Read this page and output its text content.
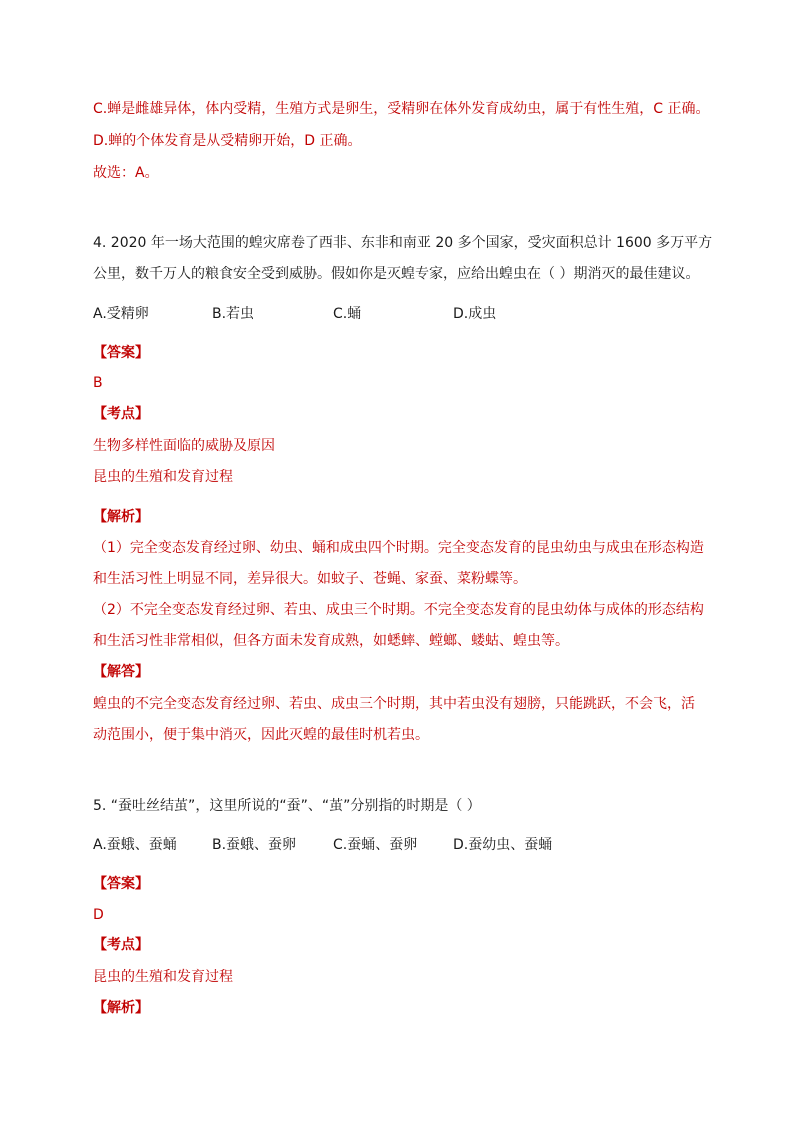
C.蝉是雌雄异体，体内受精，生殖方式是卵生，受精卵在体外发育成幼虫，属于有性生殖，C 正确。
D.蝉的个体发育是从受精卵开始，D 正确。
故选：A。
4. 2020 年一场大范围的蝗灾席卷了西非、东非和南亚 20 多个国家，受灾面积总计 1600 多万平方
公里，数千万人的粮食安全受到威胁。假如你是灭蝗专家，应给出蝗虫在（ ）期消灭的最佳建议。
A.受精卵	B.若虫	C.蛹	D.成虫
【答案】
B
【考点】
生物多样性面临的威胁及原因
昆虫的生殖和发育过程
【解析】
（1）完全变态发育经过卵、幼虫、蛹和成虫四个时期。完全变态发育的昆虫幼虫与成虫在形态构造
和生活习性上明显不同，差异很大。如蚊子、苍蝇、家蚕、菜粉蝶等。
（2）不完全变态发育经过卵、若虫、成虫三个时期。不完全变态发育的昆虫幼体与成体的形态结构
和生活习性非常相似，但各方面未发育成熟，如蟋蟀、螳螂、蝼蛄、蝗虫等。
【解答】
蝗虫的不完全变态发育经过卵、若虫、成虫三个时期，其中若虫没有翅膀，只能跳跃，不会飞，活
动范围小，便于集中消灭，因此灭蝗的最佳时机若虫。
5. “蚕吐丝结茧”，这里所说的“蚕”、“茧”分别指的时期是（ ）
A.蚕蛾、蚕蛹	B.蚕蛾、蚕卵	C.蚕蛹、蚕卵	D.蚕幼虫、蚕蛹
【答案】
D
【考点】
昆虫的生殖和发育过程
【解析】
